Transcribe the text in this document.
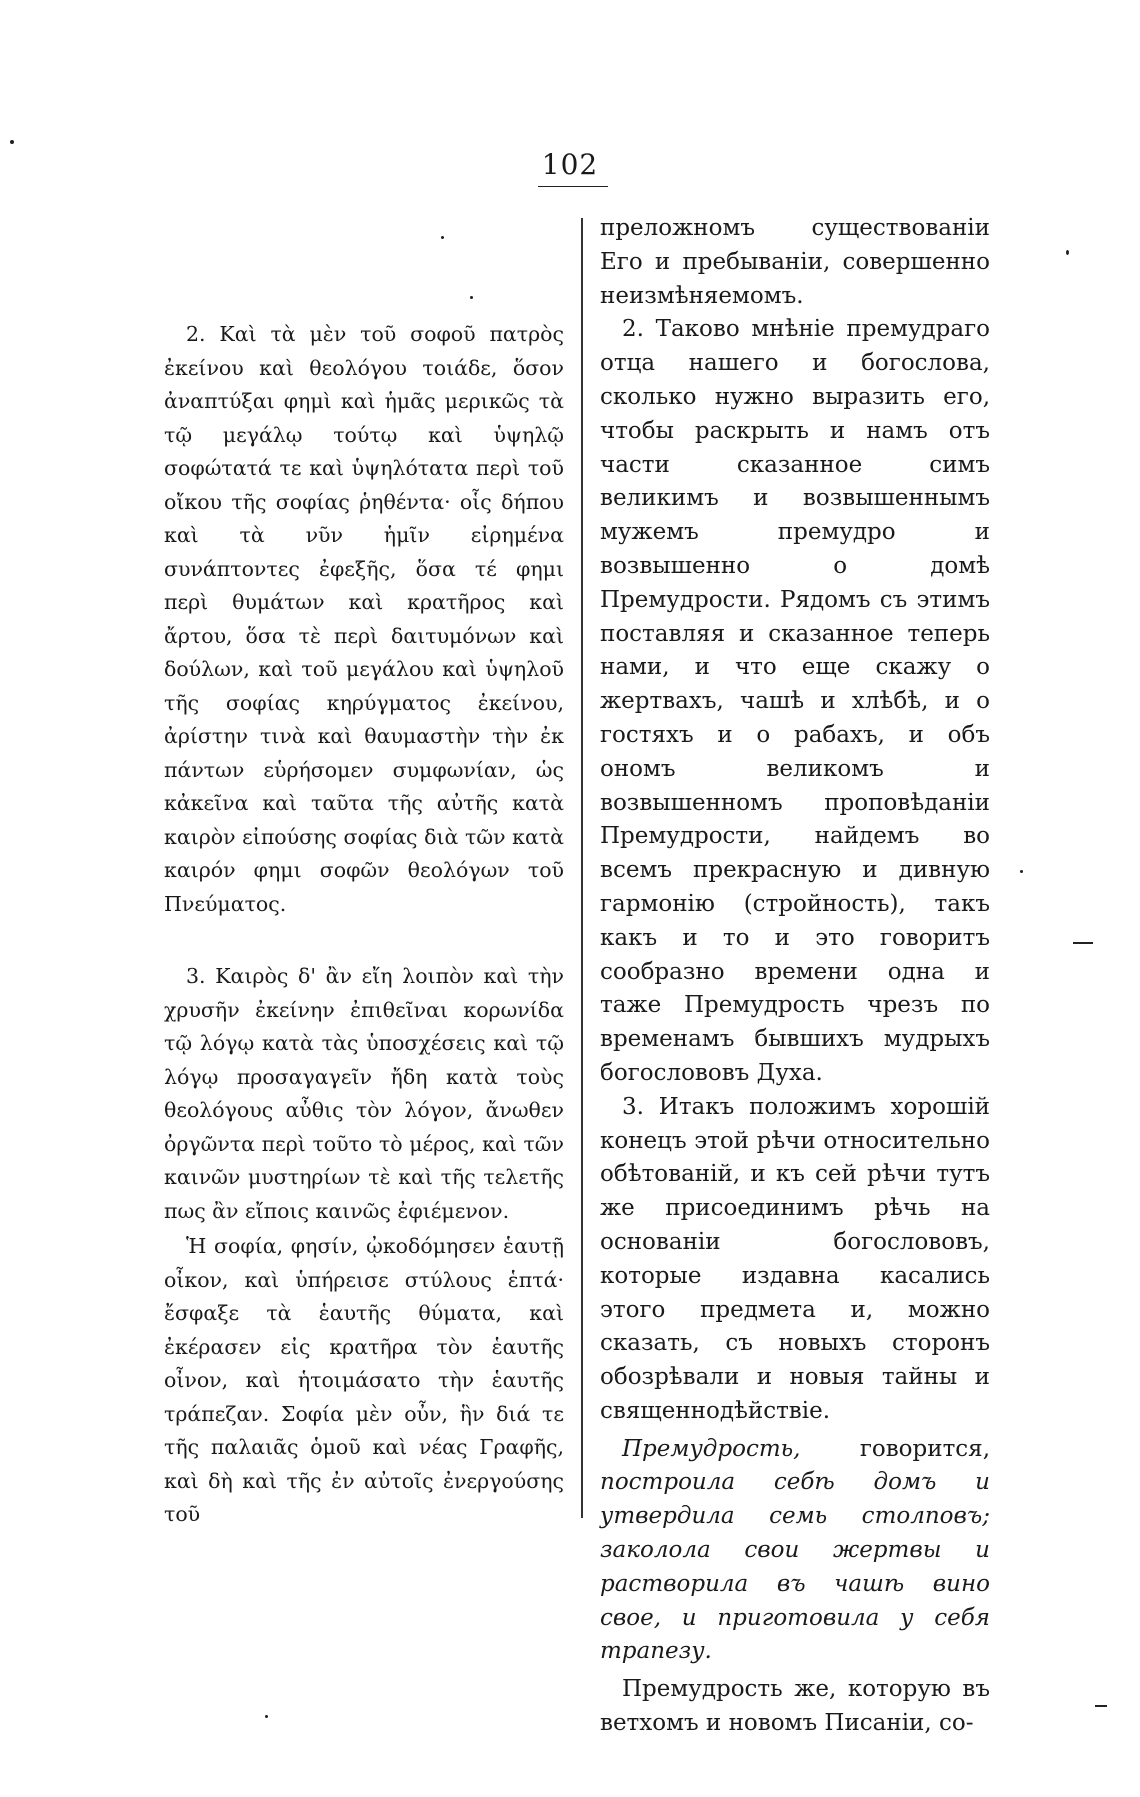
102

2. Καὶ τὰ μὲν τοῦ σοφοῦ πατρὸς ἐκείνου καὶ θεολόγου τοιάδε, ὅσον ἀναπτύξαι φημὶ καὶ ἡμᾶς μερικῶς τὰ τῷ μεγάλῳ τούτῳ καὶ ὑψηλῷ σοφώτατά τε καὶ ὑψηλότατα περὶ τοῦ οἴκου τῆς σοφίας ῥηθέντα· οἷς δήπου καὶ τὰ νῦν ἡμῖν εἰρημένα συνάπτοντες ἐφεξῆς, ὅσα τέ φημι περὶ θυμάτων καὶ κρατῆρος καὶ ἄρτου, ὅσα τὲ περὶ δαιτυμόνων καὶ δούλων, καὶ τοῦ μεγάλου καὶ ὑψηλοῦ τῆς σοφίας κηρύγματος ἐκείνου, ἀρίστην τινὰ καὶ θαυμαστὴν τὴν ἐκ πάντων εὑρήσομεν συμφωνίαν, ὡς κἀκεῖνα καὶ ταῦτα τῆς αὐτῆς κατὰ καιρὸν εἰπούσης σοφίας διὰ τῶν κατὰ καιρόν φημι σοφῶν θεολόγων τοῦ Πνεύματος.

3. Καιρὸς δ' ἂν εἴη λοιπὸν καὶ τὴν χρυσῆν ἐκείνην ἐπιθεῖναι κορωνίδα τῷ λόγῳ κατὰ τὰς ὑποσχέσεις καὶ τῷ λόγῳ προσαγαγεῖν ἤδη κατὰ τοὺς θεολόγους αὖθις τὸν λόγον, ἄνωθεν ὀργῶντα περὶ τοῦτο τὸ μέρος, καὶ τῶν καινῶν μυστηρίων τὲ καὶ τῆς τελετῆς πως ἂν εἴποις καινῶς ἐφιέμενον.

Ἡ σοφία, φησίν, ᾠκοδόμησεν ἑαυτῇ οἶκον, καὶ ὑπήρεισε στύλους ἑπτά· ἔσφαξε τὰ ἑαυτῆς θύματα, καὶ ἐκέρασεν εἰς κρατῆρα τὸν ἑαυτῆς οἶνον, καὶ ἡτοιμάσατο τὴν ἑαυτῆς τράπεζαν. Σοφία μὲν οὖν, ἣν διά τε τῆς παλαιᾶς ὁμοῦ καὶ νέας Γραφῆς, καὶ δὴ καὶ τῆς ἐν αὐτοῖς ἐνεργούσης τοῦ

преложномъ существованіи Его и пребываніи, совершенно неизмѣняемомъ.

2. Таково мнѣніе премудраго отца нашего и богослова, сколько нужно выразить его, чтобы раскрыть и намъ отъ части сказанное симъ великимъ и возвышеннымъ мужемъ премудро и возвышенно о домѣ Премудрости. Рядомъ съ этимъ поставляя и сказанное теперь нами, и что еще скажу о жертвахъ, чашѣ и хлѣбѣ, и о гостяхъ и о рабахъ, и объ ономъ великомъ и возвышенномъ проповѣданіи Премудрости, найдемъ во всемъ прекрасную и дивную гармонію (стройность), такъ какъ и то и это говоритъ сообразно времени одна и таже Премудрость чрезъ по временамъ бывшихъ мудрыхъ богослововъ Духа.

3. Итакъ положимъ хорошій конецъ этой рѣчи относительно обѣтованій, и къ сей рѣчи тутъ же присоединимъ рѣчь на основаніи богослововъ, которые издавна касались этого предмета и, можно сказать, съ новыхъ сторонъ обозрѣвали и новыя тайны и священнодѣйствіе.

Премудрость, говорится, построила себѣ домъ и утвердила семь столповъ; заколола свои жертвы и растворила въ чашѣ вино свое, и приготовила у себя трапезу.

Премудрость же, которую въ ветхомъ и новомъ Писаніи, со-
